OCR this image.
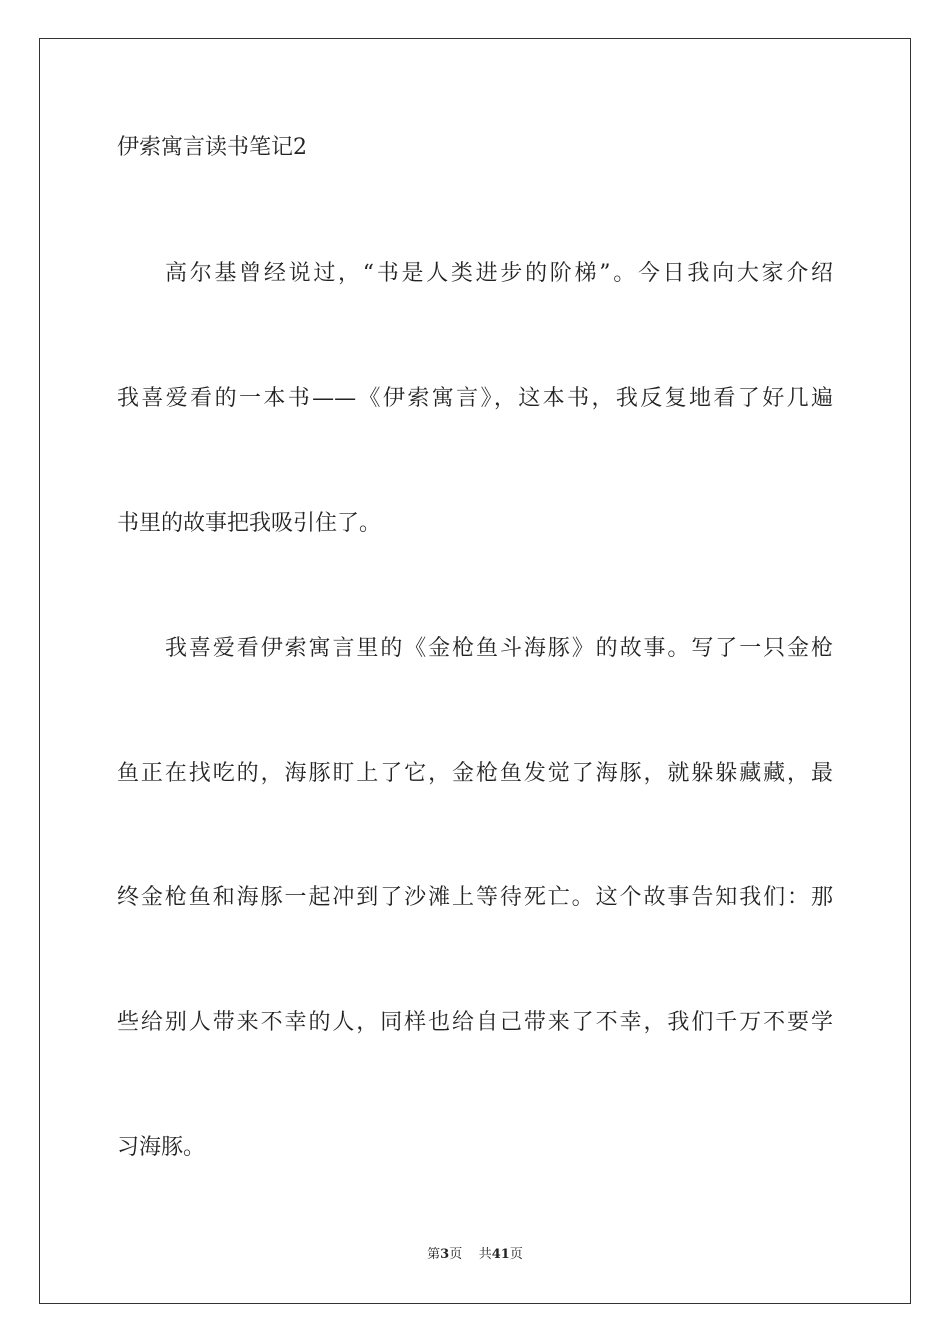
伊索寓言读书笔记2
高尔基曾经说过，“书是人类进步的阶梯”。今日我向大家介绍
我喜爱看的一本书——《伊索寓言》，这本书，我反复地看了好几遍
书里的故事把我吸引住了。
我喜爱看伊索寓言里的《金枪鱼斗海豚》的故事。写了一只金枪
鱼正在找吃的，海豚盯上了它，金枪鱼发觉了海豚，就躲躲藏藏，最
终金枪鱼和海豚一起冲到了沙滩上等待死亡。这个故事告知我们：那
些给别人带来不幸的人，同样也给自己带来了不幸，我们千万不要学
习海豚。
第3页 共41页
